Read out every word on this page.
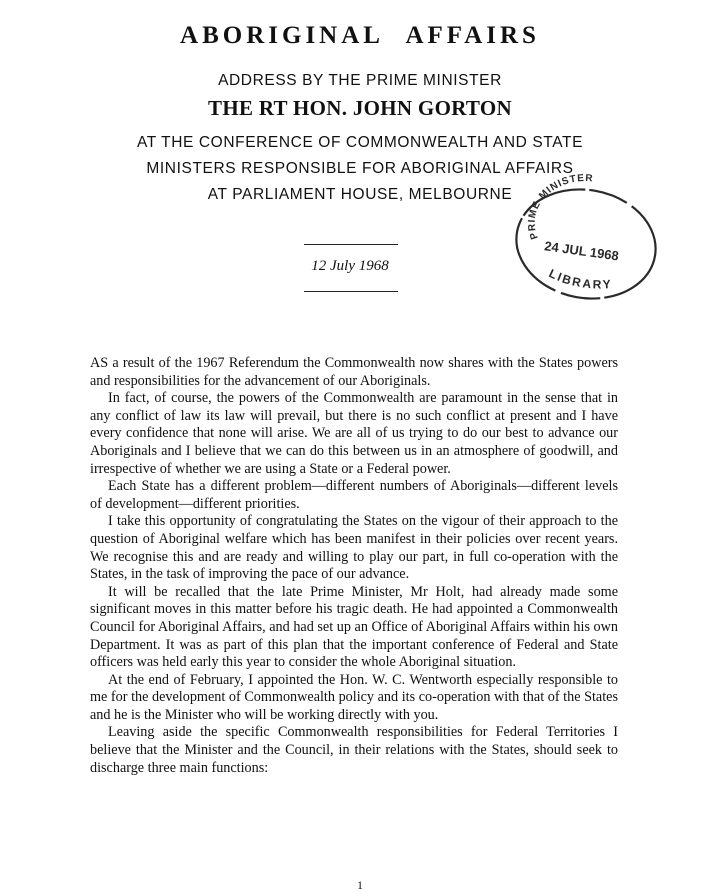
ABORIGINAL AFFAIRS
ADDRESS BY THE PRIME MINISTER
THE RT HON. JOHN GORTON
AT THE CONFERENCE OF COMMONWEALTH AND STATE
MINISTERS RESPONSIBLE FOR ABORIGINAL AFFAIRS
AT PARLIAMENT HOUSE, MELBOURNE
12 July 1968
PRIME MINISTER
24 JUL 1968
LIBRARY

AS a result of the 1967 Referendum the Commonwealth now shares with the States powers and responsibilities for the advancement of our Aboriginals.

In fact, of course, the powers of the Commonwealth are paramount in the sense that in any conflict of law its law will prevail, but there is no such conflict at present and I have every confidence that none will arise. We are all of us trying to do our best to advance our Aboriginals and I believe that we can do this between us in an atmosphere of goodwill, and irrespective of whether we are using a State or a Federal power.

Each State has a different problem—different numbers of Aboriginals—different levels of development—different priorities.

I take this opportunity of congratulating the States on the vigour of their approach to the question of Aboriginal welfare which has been manifest in their policies over recent years. We recognise this and are ready and willing to play our part, in full co-operation with the States, in the task of improving the pace of our advance.

It will be recalled that the late Prime Minister, Mr Holt, had already made some significant moves in this matter before his tragic death. He had appointed a Commonwealth Council for Aboriginal Affairs, and had set up an Office of Aboriginal Affairs within his own Department. It was as part of this plan that the important conference of Federal and State officers was held early this year to consider the whole Aboriginal situation.

At the end of February, I appointed the Hon. W. C. Wentworth especially responsible to me for the development of Commonwealth policy and its co-operation with that of the States and he is the Minister who will be working directly with you.

Leaving aside the specific Commonwealth responsibilities for Federal Territories I believe that the Minister and the Council, in their relations with the States, should seek to discharge three main functions:

1
